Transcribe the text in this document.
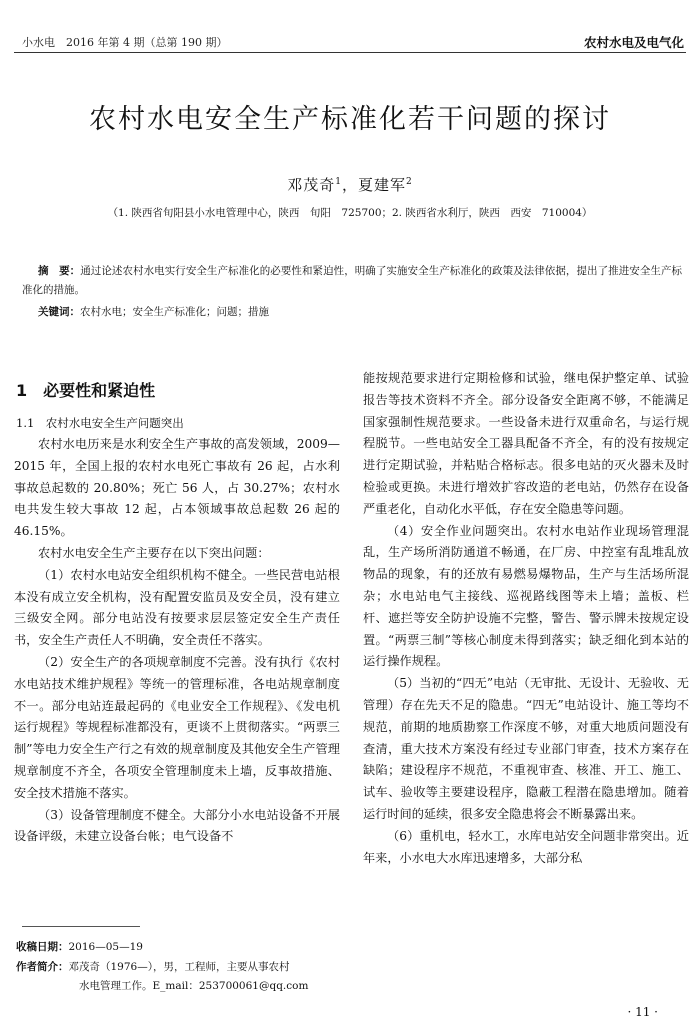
小水电　2016 年第 4 期（总第 190 期）	农村水电及电气化
农村水电安全生产标准化若干问题的探讨
邓茂奇$^1$，夏建军$^2$
（1. 陕西省旬阳县小水电管理中心，陕西　旬阳　725700；2. 陕西省水利厅，陕西　西安　710004）
摘　要：通过论述农村水电实行安全生产标准化的必要性和紧迫性，明确了实施安全生产标准化的政策及法律依据，提出了推进安全生产标准化的措施。
关键词：农村水电；安全生产标准化；问题；措施
1　必要性和紧迫性
1.1　农村水电安全生产问题突出

农村水电历来是水利安全生产事故的高发领域，2009—2015 年，全国上报的农村水电死亡事故有 26 起，占水利事故总起数的 20.80%；死亡 56 人，占 30.27%；农村水电共发生较大事故 12 起，占本领域事故总起数 26 起的 46.15%。

农村水电安全生产主要存在以下突出问题：

（1）农村水电站安全组织机构不健全。一些民营电站根本没有成立安全机构，没有配置安监员及安全员，没有建立三级安全网。部分电站没有按要求层层签定安全生产责任书，安全生产责任人不明确，安全责任不落实。

（2）安全生产的各项规章制度不完善。没有执行《农村水电站技术维护规程》等统一的管理标准，各电站规章制度不一。部分电站连最起码的《电业安全工作规程》、《发电机运行规程》等规程标准都没有，更谈不上贯彻落实。“两票三制”等电力安全生产行之有效的规章制度及其他安全生产管理规章制度不齐全，各项安全管理制度未上墙，反事故措施、安全技术措施不落实。

（3）设备管理制度不健全。大部分小水电站设备不开展设备评级，未建立设备台帐；电气设备不

能按规范要求进行定期检修和试验，继电保护整定单、试验报告等技术资料不齐全。部分设备安全距离不够，不能满足国家强制性规范要求。一些设备未进行双重命名，与运行规程脱节。一些电站安全工器具配备不齐全，有的没有按规定进行定期试验，并粘贴合格标志。很多电站的灭火器未及时检验或更换。未进行增效扩容改造的老电站，仍然存在设备严重老化，自动化水平低，存在安全隐患等问题。

（4）安全作业问题突出。农村水电站作业现场管理混乱，生产场所消防通道不畅通，在厂房、中控室有乱堆乱放物品的现象，有的还放有易燃易爆物品，生产与生活场所混杂；水电站电气主接线、巡视路线图等未上墙；盖板、栏杆、遮拦等安全防护设施不完整，警告、警示牌未按规定设置。“两票三制”等核心制度未得到落实；缺乏细化到本站的运行操作规程。

（5）当初的“四无”电站（无审批、无设计、无验收、无管理）存在先天不足的隐患。“四无”电站设计、施工等均不规范，前期的地质勘察工作深度不够，对重大地质问题没有查清，重大技术方案没有经过专业部门审查，技术方案存在缺陷；建设程序不规范，不重视审查、核准、开工、施工、试车、验收等主要建设程序，隐蔽工程潜在隐患增加。随着运行时间的延续，很多安全隐患将会不断暴露出来。

（6）重机电，轻水工，水库电站安全问题非常突出。近年来，小水电大水库迅速增多，大部分私

收稿日期：2016—05—19
作者简介：邓茂奇（1976—），男，工程师，主要从事农村
水电管理工作。E_mail：253700061@qq.com
· 11 ·
